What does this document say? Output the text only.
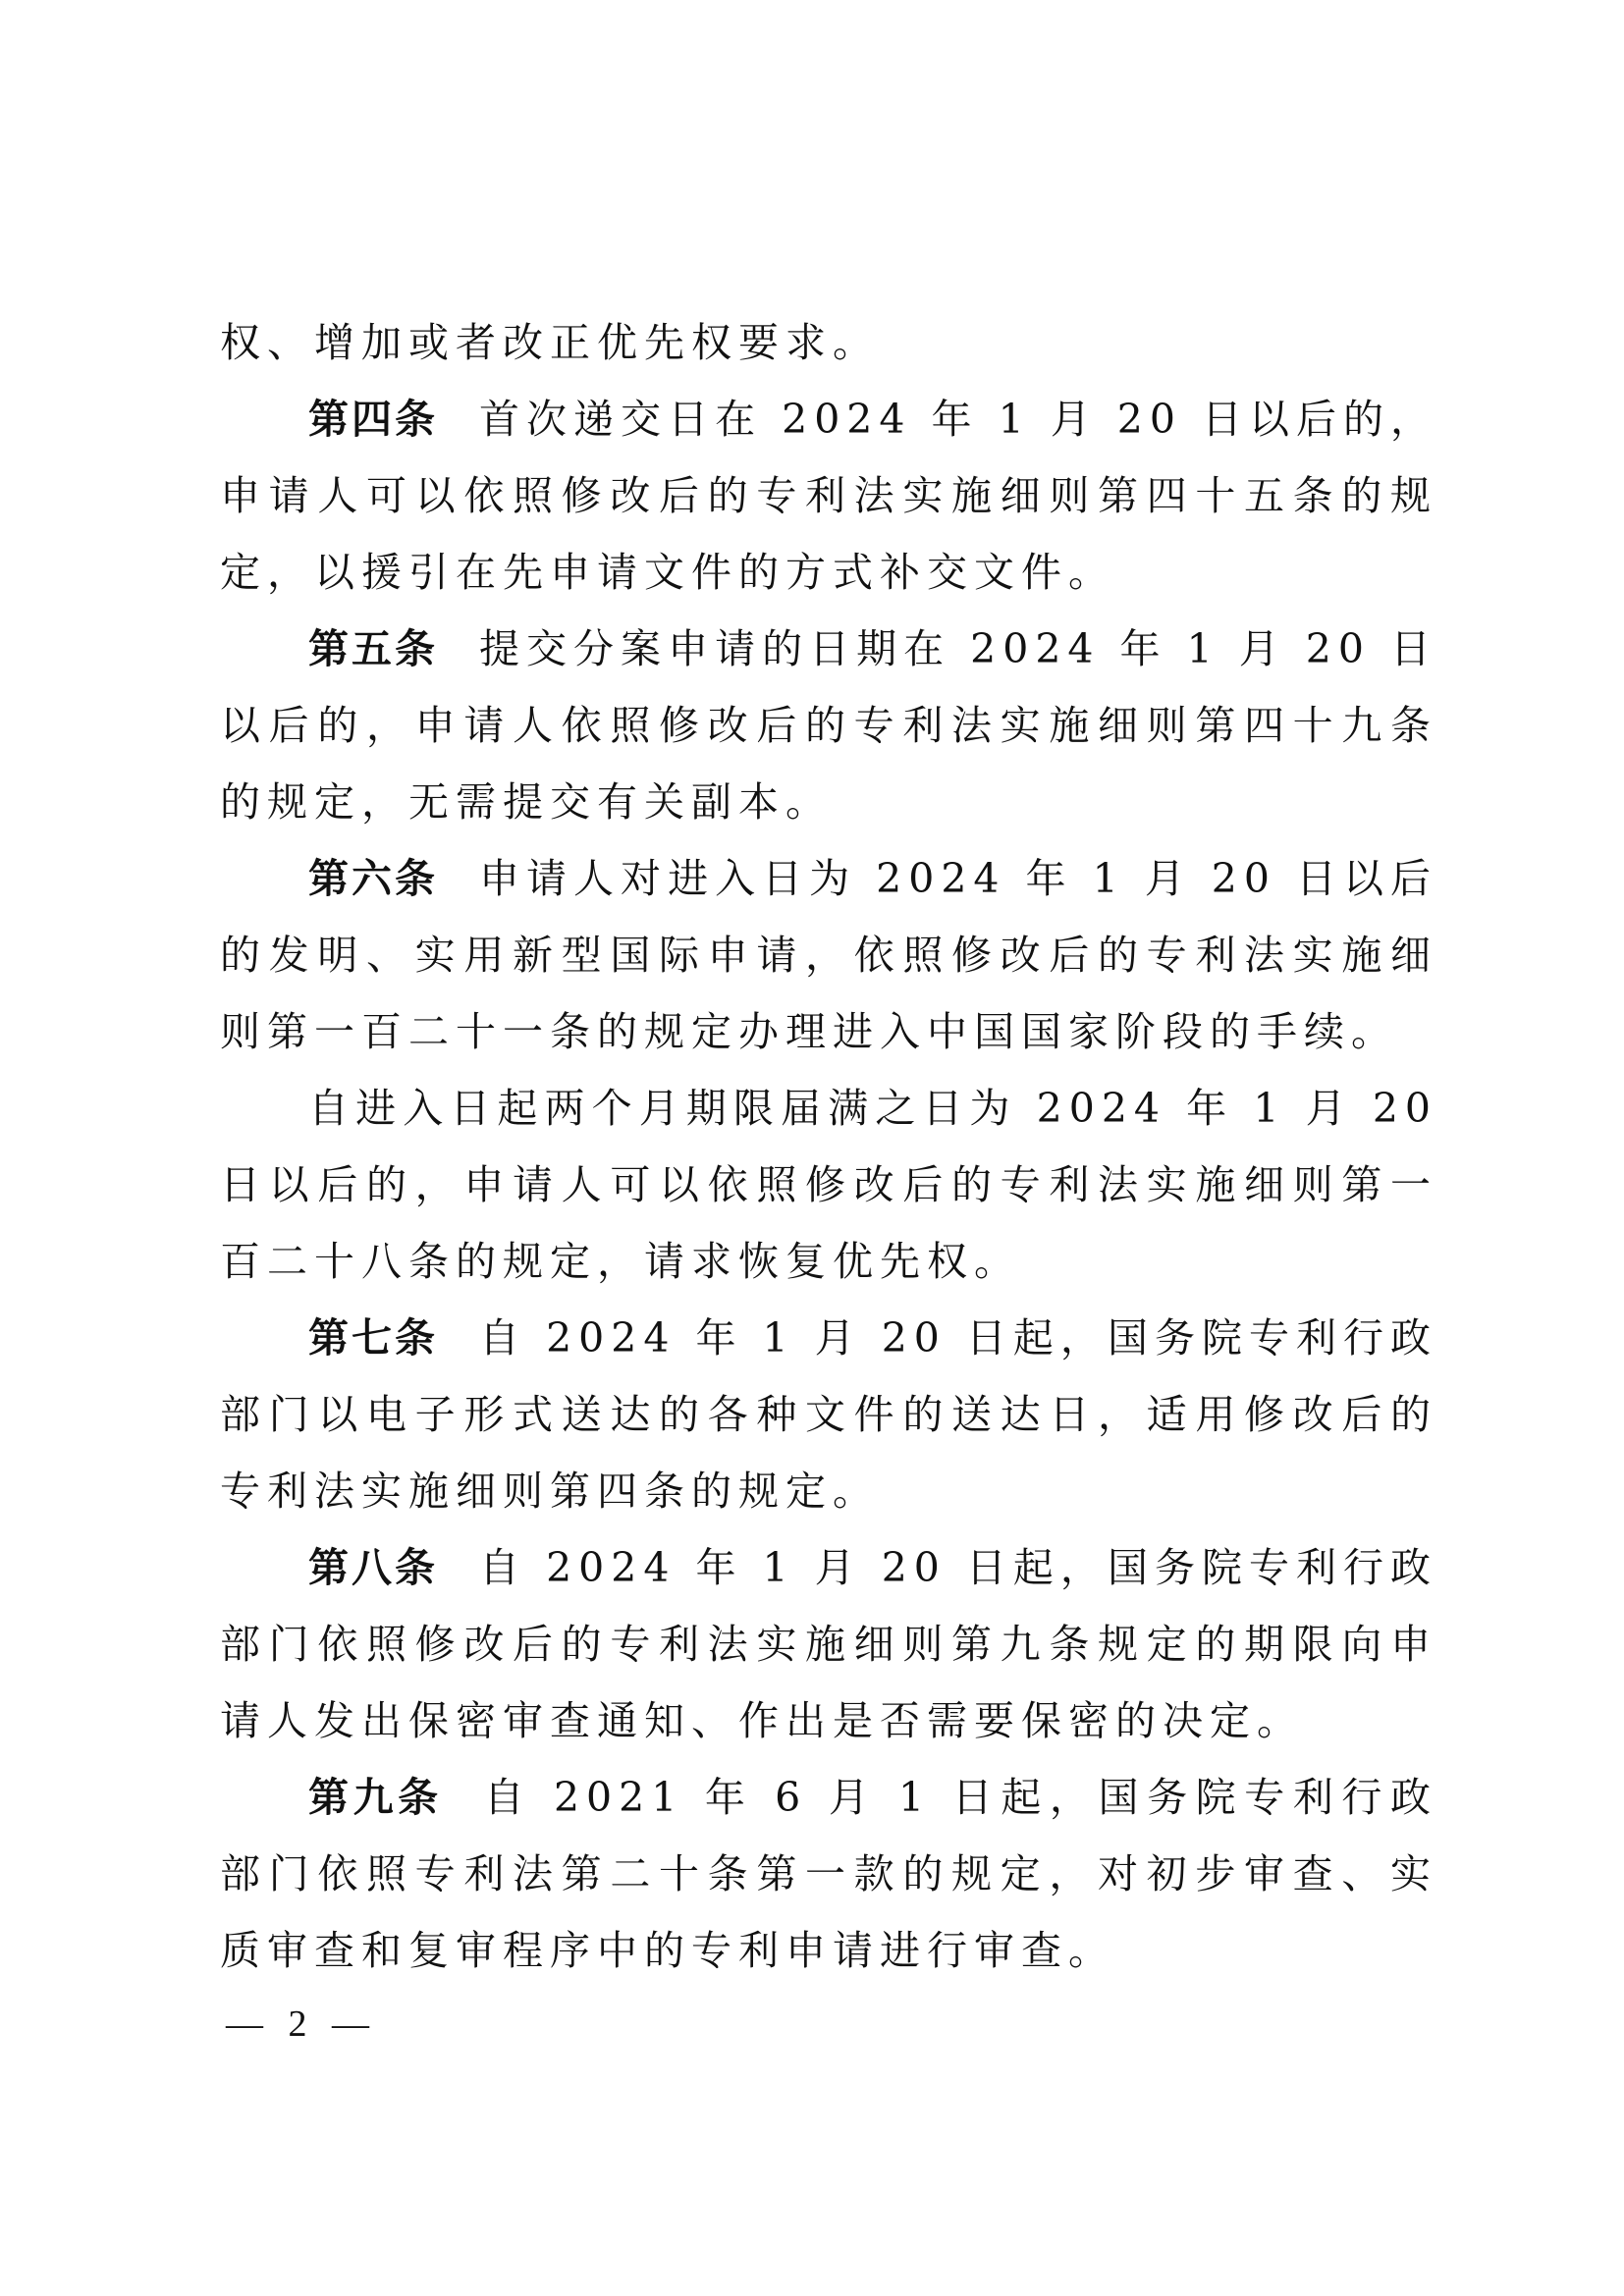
权、增加或者改正优先权要求。

第四条 首次递交日在 2024 年 1 月 20 日以后的，申请人可以依照修改后的专利法实施细则第四十五条的规定，以援引在先申请文件的方式补交文件。

第五条 提交分案申请的日期在 2024 年 1 月 20 日以后的，申请人依照修改后的专利法实施细则第四十九条的规定，无需提交有关副本。

第六条 申请人对进入日为 2024 年 1 月 20 日以后的发明、实用新型国际申请，依照修改后的专利法实施细则第一百二十一条的规定办理进入中国国家阶段的手续。

自进入日起两个月期限届满之日为 2024 年 1 月 20 日以后的，申请人可以依照修改后的专利法实施细则第一百二十八条的规定，请求恢复优先权。

第七条 自 2024 年 1 月 20 日起，国务院专利行政部门以电子形式送达的各种文件的送达日，适用修改后的专利法实施细则第四条的规定。

第八条 自 2024 年 1 月 20 日起，国务院专利行政部门依照修改后的专利法实施细则第九条规定的期限向申请人发出保密审查通知、作出是否需要保密的决定。

第九条 自 2021 年 6 月 1 日起，国务院专利行政部门依照专利法第二十条第一款的规定，对初步审查、实质审查和复审程序中的专利申请进行审查。

— 2 —
